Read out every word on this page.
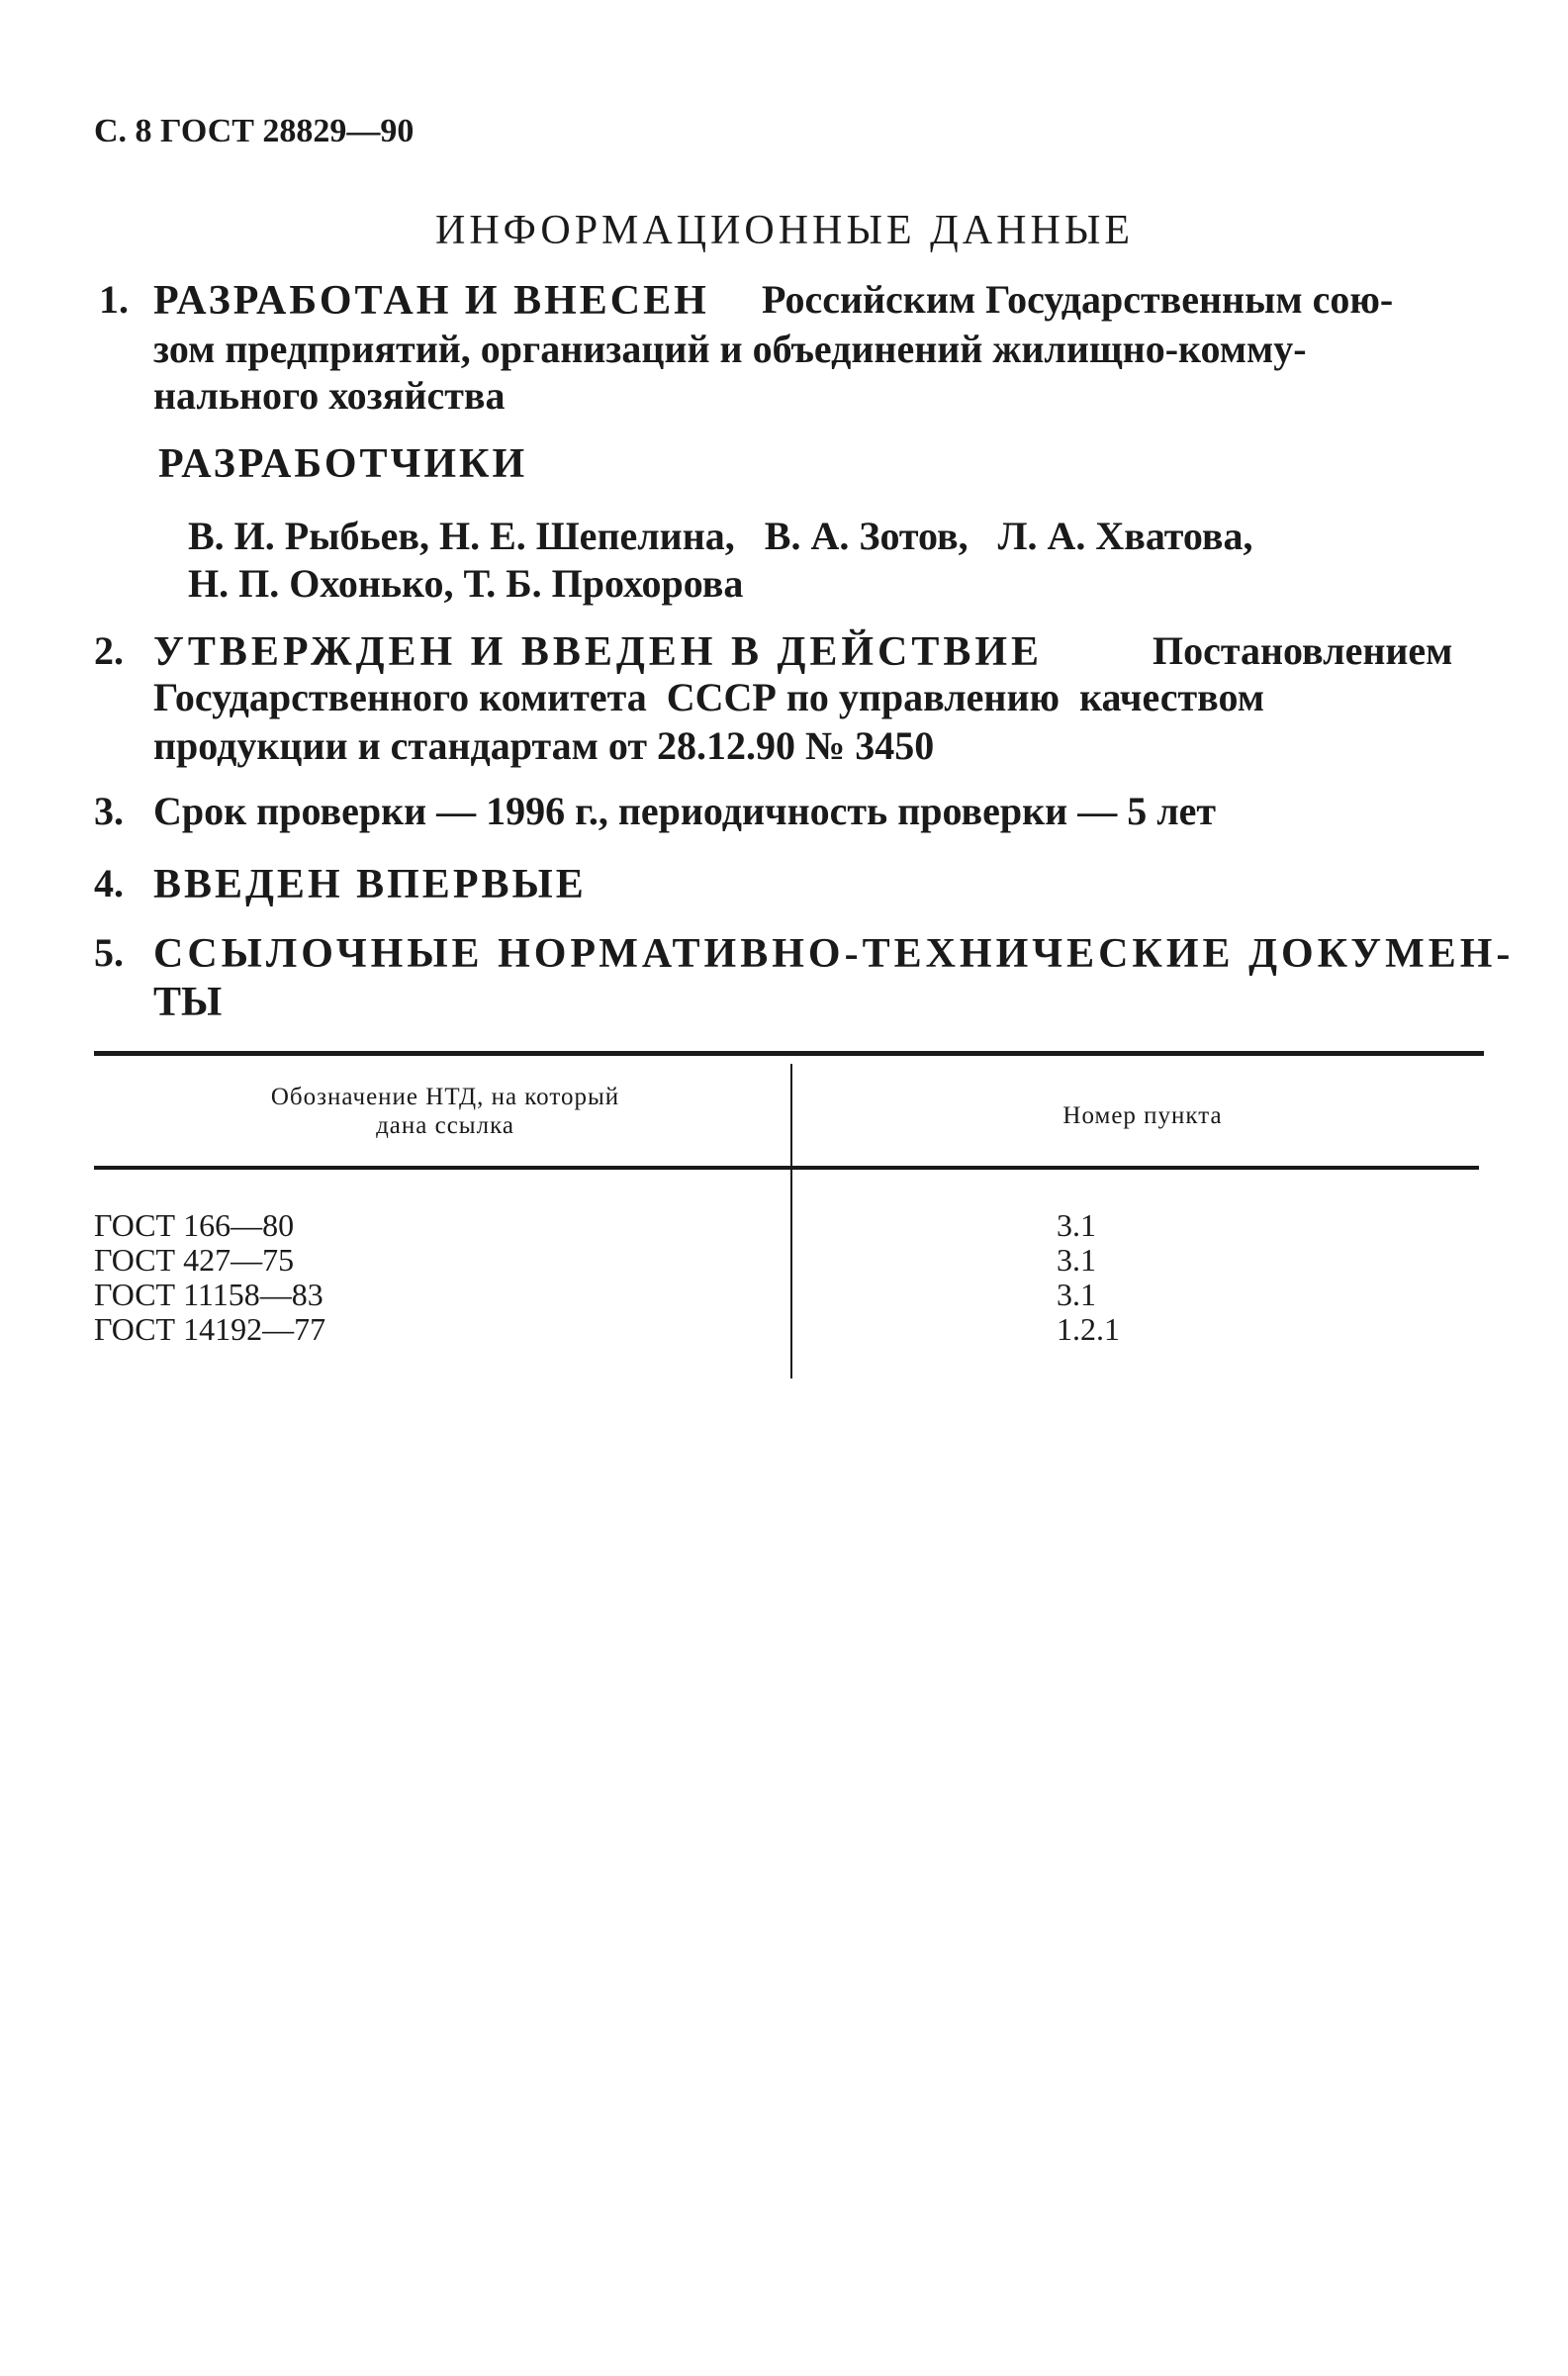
С. 8 ГОСТ 28829—90
ИНФОРМАЦИОННЫЕ ДАННЫЕ
1. РАЗРАБОТАН И ВНЕСЕН Российским Государственным сою-
зом предприятий, организаций и объединений жилищно-комму-
нального хозяйства
РАЗРАБОТЧИКИ
В. И. Рыбьев, Н. Е. Шепелина,   В. А. Зотов,   Л. А. Хватова,
Н. П. Охонько, Т. Б. Прохорова
2. УТВЕРЖДЕН И ВВЕДЕН В ДЕЙСТВИЕ	Постановлением
Государственного комитета  СССР по управлению  качеством
продукции и стандартам от 28.12.90 № 3450
3. Срок проверки — 1996 г., периодичность проверки — 5 лет
4. ВВЕДЕН ВПЕРВЫЕ
5. ССЫЛОЧНЫЕ НОРМАТИВНО-ТЕХНИЧЕСКИЕ ДОКУМЕН-
ТЫ
Обозначение НТД, на который
дана ссылка	Номер пункта
ГОСТ 166—80
ГОСТ 427—75
ГОСТ 11158—83
ГОСТ 14192—77
3.1
3.1
3.1
1.2.1
